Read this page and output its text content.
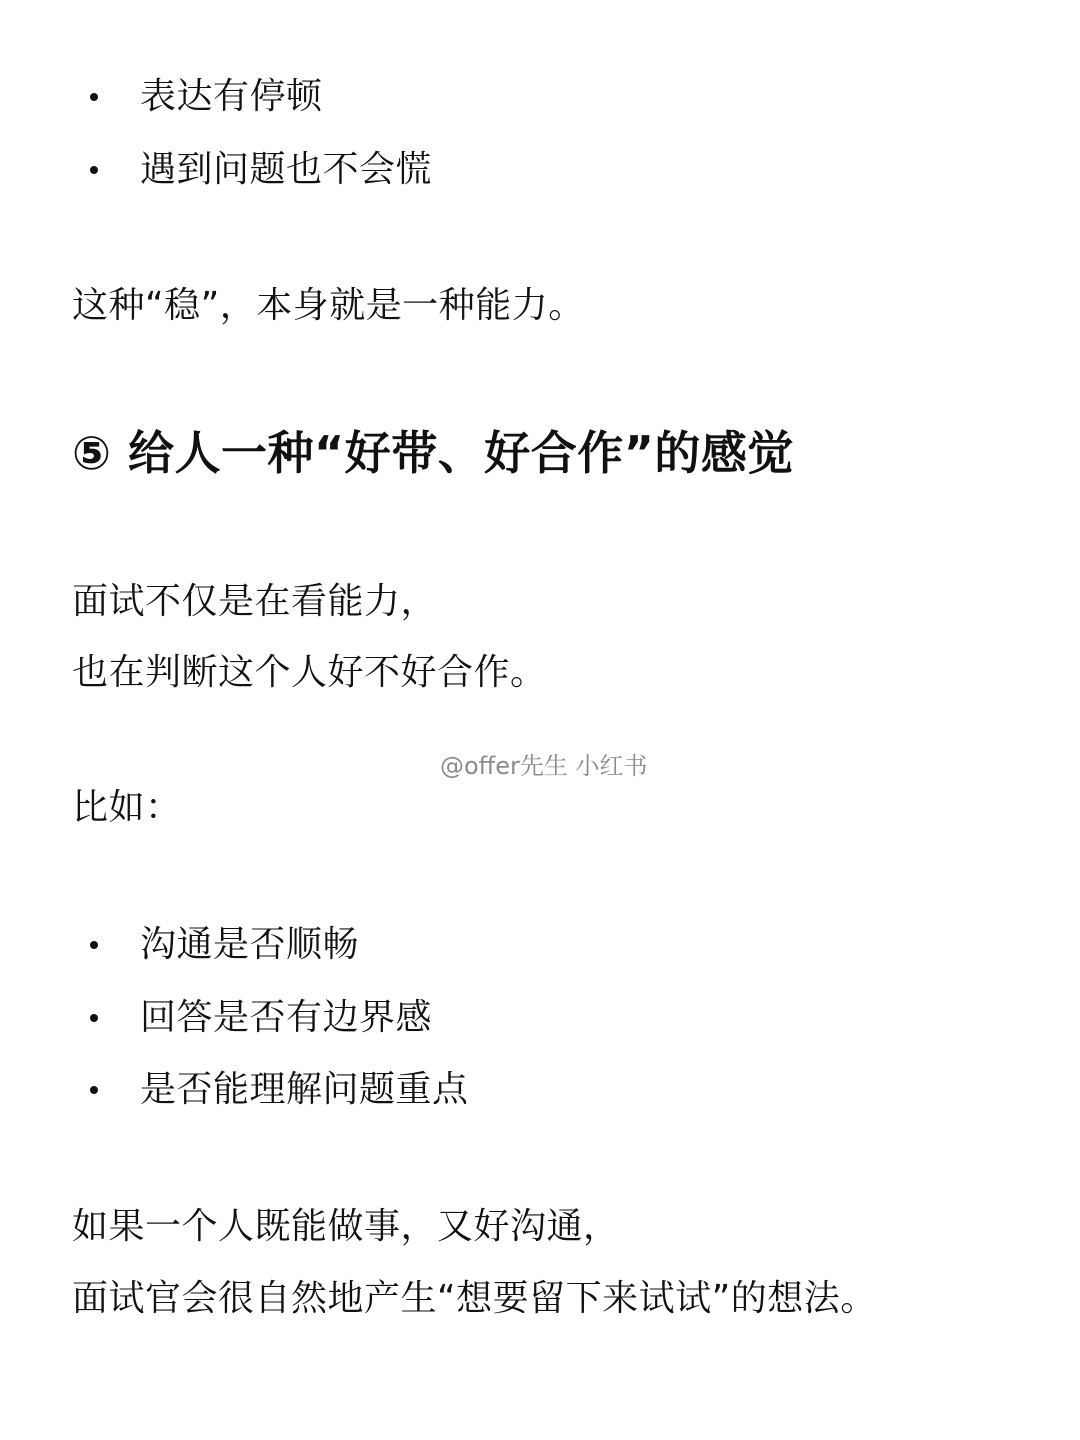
表达有停顿
遇到问题也不会慌

这种“稳”，本身就是一种能力。

⑤ 给人一种“好带、好合作”的感觉

面试不仅是在看能力，

也在判断这个人好不好合作。

@offer先生 小红书

比如：

沟通是否顺畅
回答是否有边界感
是否能理解问题重点

如果一个人既能做事，又好沟通，

面试官会很自然地产生“想要留下来试试”的想法。
